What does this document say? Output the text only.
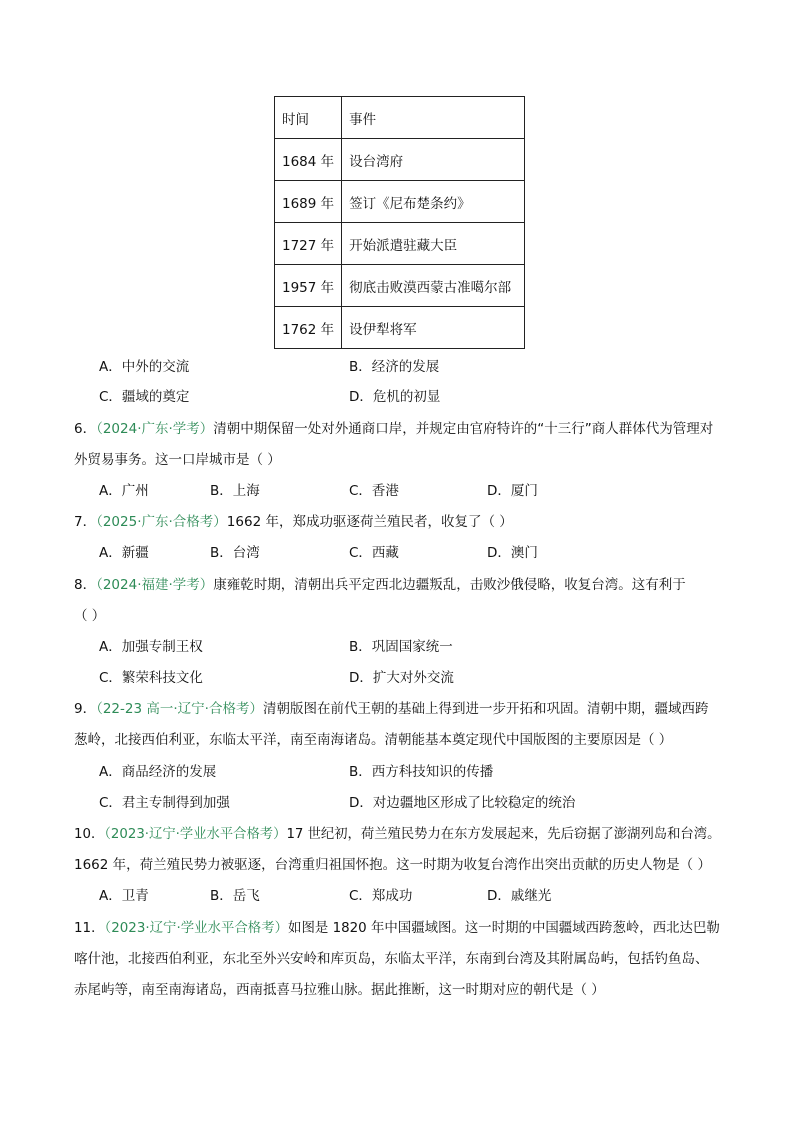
时间	事件
1684 年	设台湾府
1689 年	签订《尼布楚条约》
1727 年	开始派遣驻藏大臣
1957 年	彻底击败漠西蒙古准噶尔部
1762 年	设伊犁将军
A．中外的交流	B．经济的发展
C．疆域的奠定	D．危机的初显
6．（2024·广东·学考）清朝中期保留一处对外通商口岸，并规定由官府特许的“十三行”商人群体代为管理对
外贸易事务。这一口岸城市是（ ）
A．广州	B．上海	C．香港	D．厦门
7．（2025·广东·合格考）1662 年，郑成功驱逐荷兰殖民者，收复了（ ）
A．新疆	B．台湾	C．西藏	D．澳门
8．（2024·福建·学考）康雍乾时期，清朝出兵平定西北边疆叛乱，击败沙俄侵略，收复台湾。这有利于
（ ）
A．加强专制王权	B．巩固国家统一
C．繁荣科技文化	D．扩大对外交流
9．（22-23 高一·辽宁·合格考）清朝版图在前代王朝的基础上得到进一步开拓和巩固。清朝中期，疆域西跨
葱岭，北接西伯利亚，东临太平洋，南至南海诸岛。清朝能基本奠定现代中国版图的主要原因是（ ）
A．商品经济的发展	B．西方科技知识的传播
C．君主专制得到加强	D．对边疆地区形成了比较稳定的统治
10．（2023·辽宁·学业水平合格考）17 世纪初，荷兰殖民势力在东方发展起来，先后窃据了澎湖列岛和台湾。
1662 年，荷兰殖民势力被驱逐，台湾重归祖国怀抱。这一时期为收复台湾作出突出贡献的历史人物是（ ）
A．卫青	B．岳飞	C．郑成功	D．戚继光
11．（2023·辽宁·学业水平合格考）如图是 1820 年中国疆域图。这一时期的中国疆域西跨葱岭，西北达巴勒
喀什池，北接西伯利亚，东北至外兴安岭和库页岛，东临太平洋，东南到台湾及其附属岛屿，包括钓鱼岛、
赤尾屿等，南至南海诸岛，西南抵喜马拉雅山脉。据此推断，这一时期对应的朝代是（ ）
